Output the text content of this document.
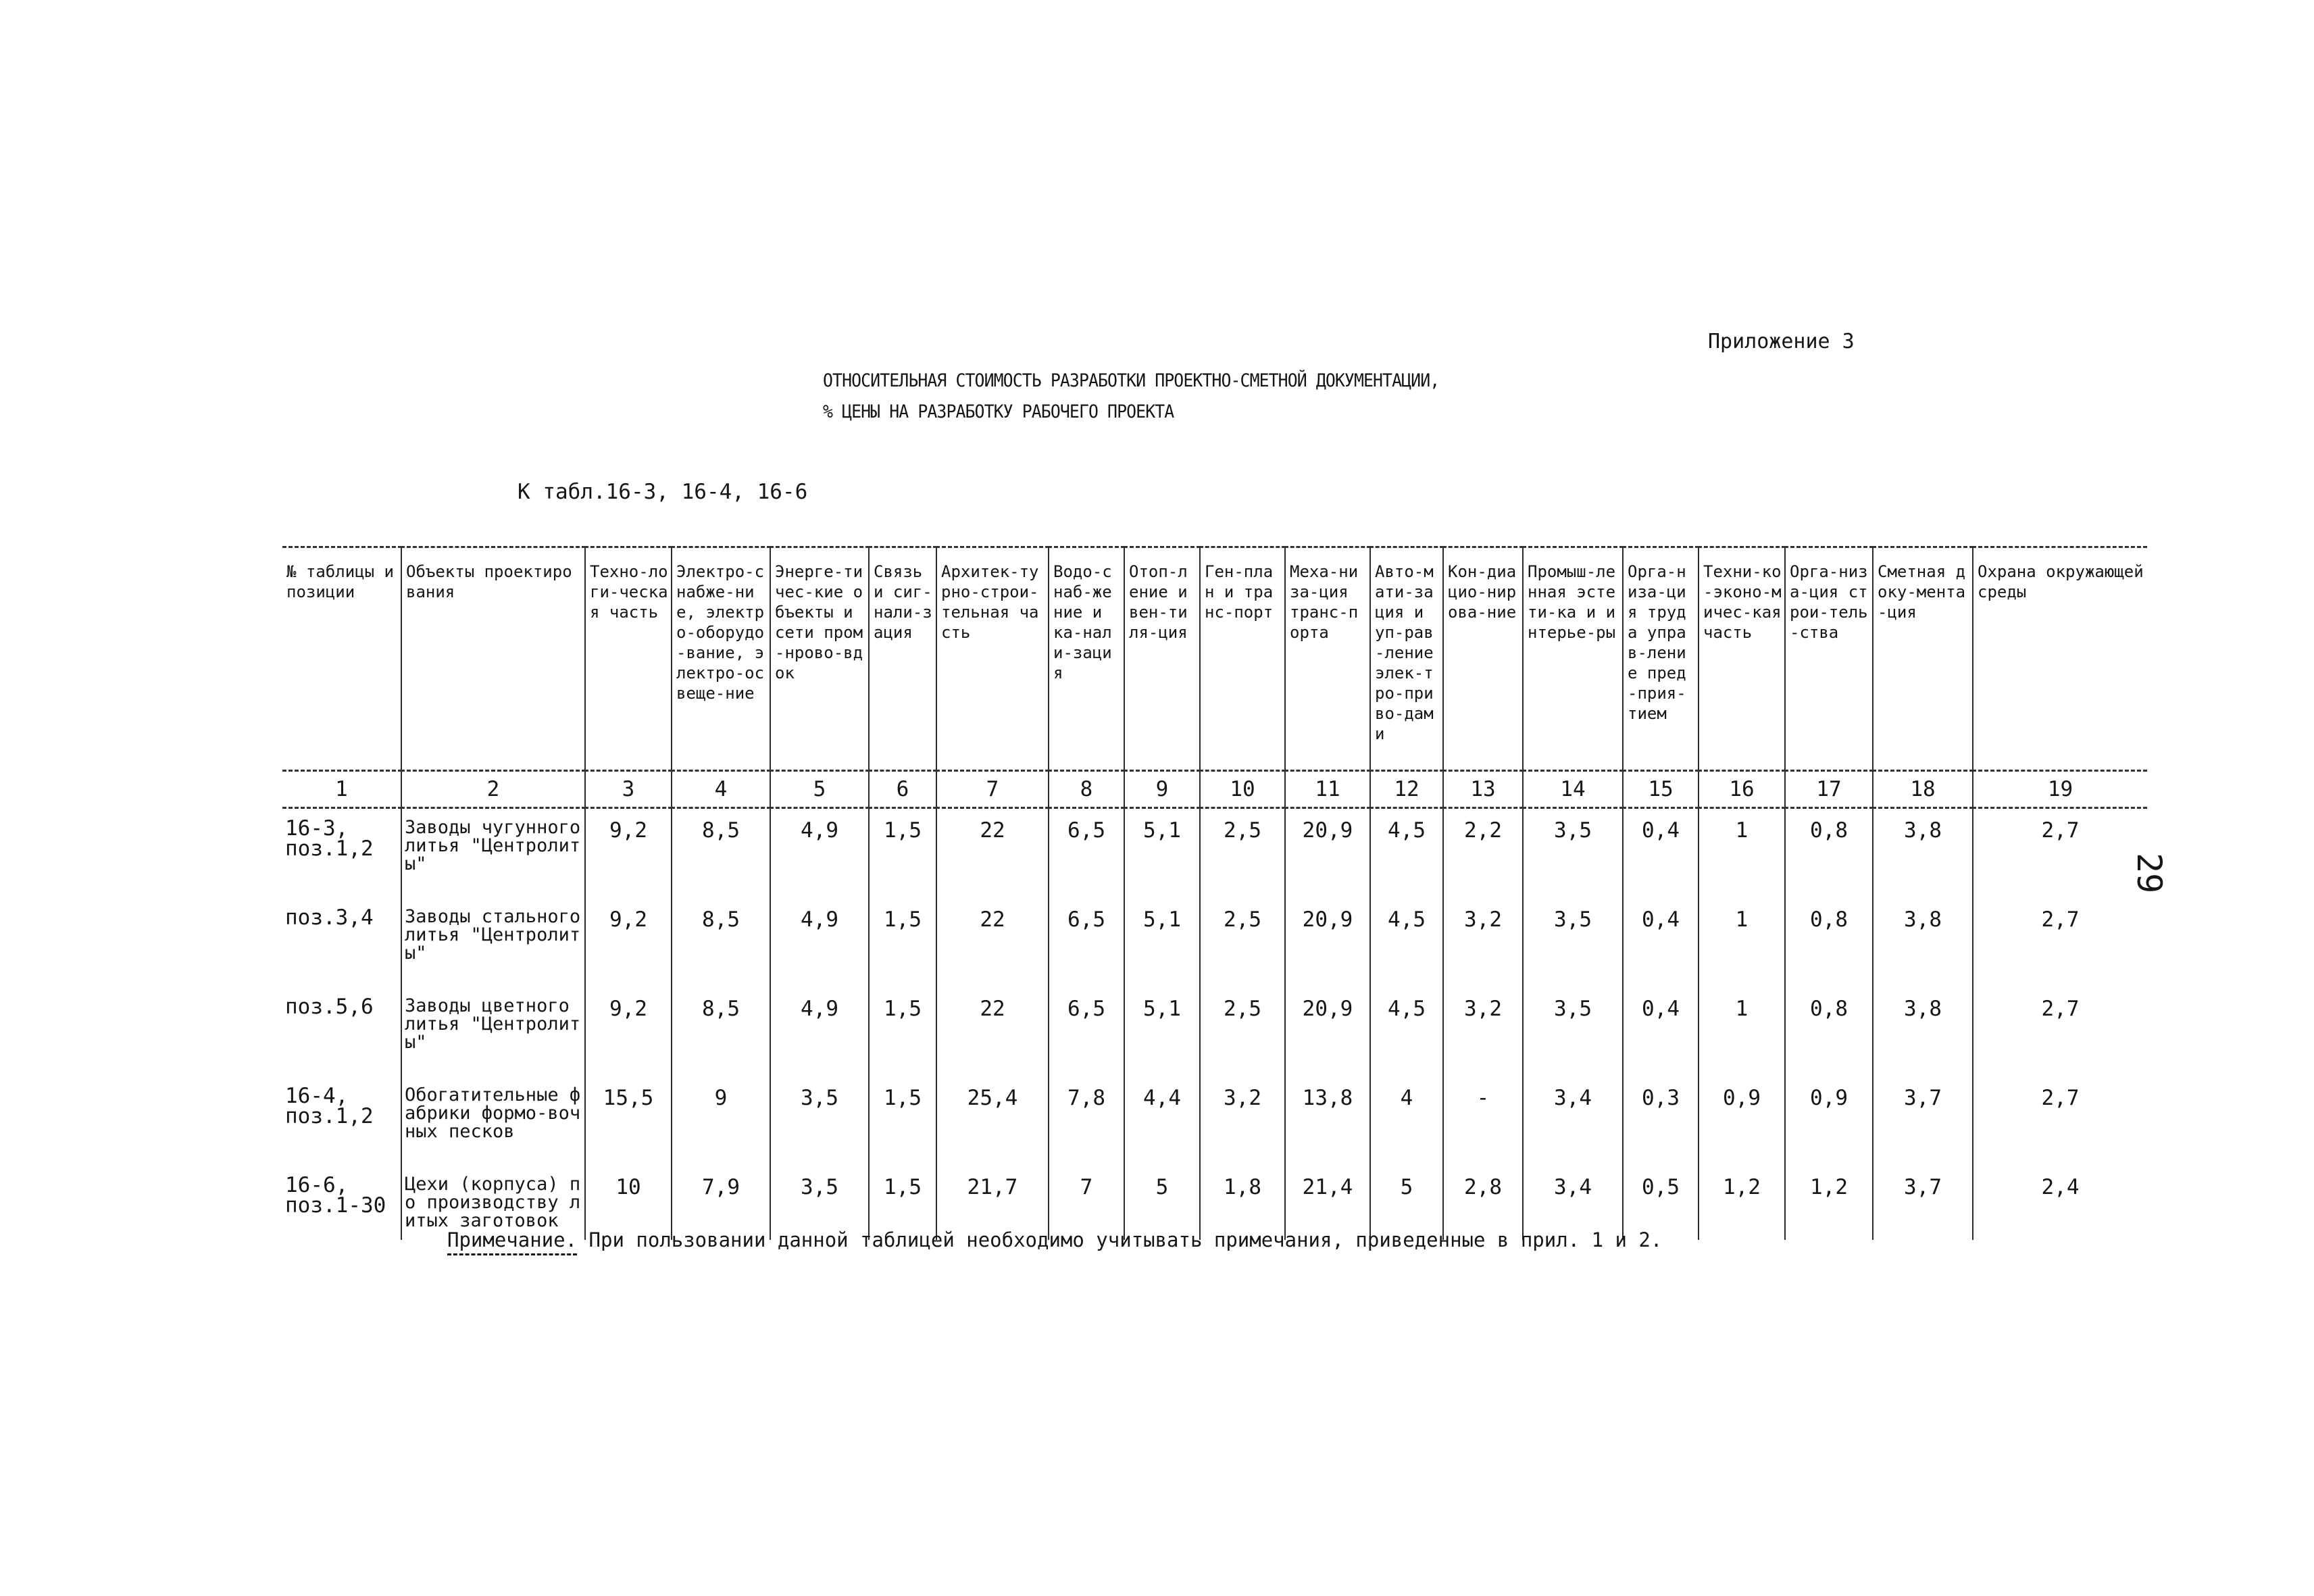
Приложение 3
ОТНОСИТЕЛЬНАЯ СТОИМОСТЬ РАЗРАБОТКИ ПРОЕКТНО-СМЕТНОЙ ДОКУМЕНТАЦИИ,
% ЦЕНЫ НА РАЗРАБОТКУ РАБОЧЕГО ПРОЕКТА
К табл.16-3, 16-4, 16-6
29
№ таблицы и позиции	Объекты проектирования	Техно-логи-ческая часть	Электро-снабже-ние, электро-оборудо-вание, электро-освеще-ние	Энерге-тичес-кие объекты и сети пром-нрово-вдок	Связь и сиг-нали-зация	Архитек-турно-строи-тельная часть	Водо-снаб-жение и ка-нали-зация	Отоп-ление и вен-тиля-ция	Ген-план и транс-порт	Меха-низа-ция транс-порта	Авто-мати-зация и уп-рав-ление элек-тро-приво-дами	Кон-диацио-нирова-ние	Промыш-ленная эстети-ка и интерье-ры	Орга-низа-ция труда управ-ление пред-прия-тием	Техни-ко-эконо-мичес-кая часть	Орга-низа-ция строи-тель-ства	Сметная доку-мента-ция	Охрана окружающей среды
1	2	3	4	5	6	7	8	9	10	11	12	13	14	15	16	17	18	19
16-3, поз.1,2	Заводы чугунного литья "Центролиты"	9,2	8,5	4,9	1,5	22	6,5	5,1	2,5	20,9	4,5	2,2	3,5	0,4	1	0,8	3,8	2,7
поз.3,4	Заводы стального литья "Центролиты"	9,2	8,5	4,9	1,5	22	6,5	5,1	2,5	20,9	4,5	3,2	3,5	0,4	1	0,8	3,8	2,7
поз.5,6	Заводы цветного литья "Центролиты"	9,2	8,5	4,9	1,5	22	6,5	5,1	2,5	20,9	4,5	3,2	3,5	0,4	1	0,8	3,8	2,7
16-4, поз.1,2	Обогатительные фабрики формо-вочных песков	15,5	9	3,5	1,5	25,4	7,8	4,4	3,2	13,8	4	-	3,4	0,3	0,9	0,9	3,7	2,7
16-6, поз.1-30	Цехи (корпуса) по производству литых заготовок	10	7,9	3,5	1,5	21,7	7	5	1,8	21,4	5	2,8	3,4	0,5	1,2	1,2	3,7	2,4
Примечание. При пользовании данной таблицей необходимо учитывать примечания, приведенные в прил. 1 и 2.
